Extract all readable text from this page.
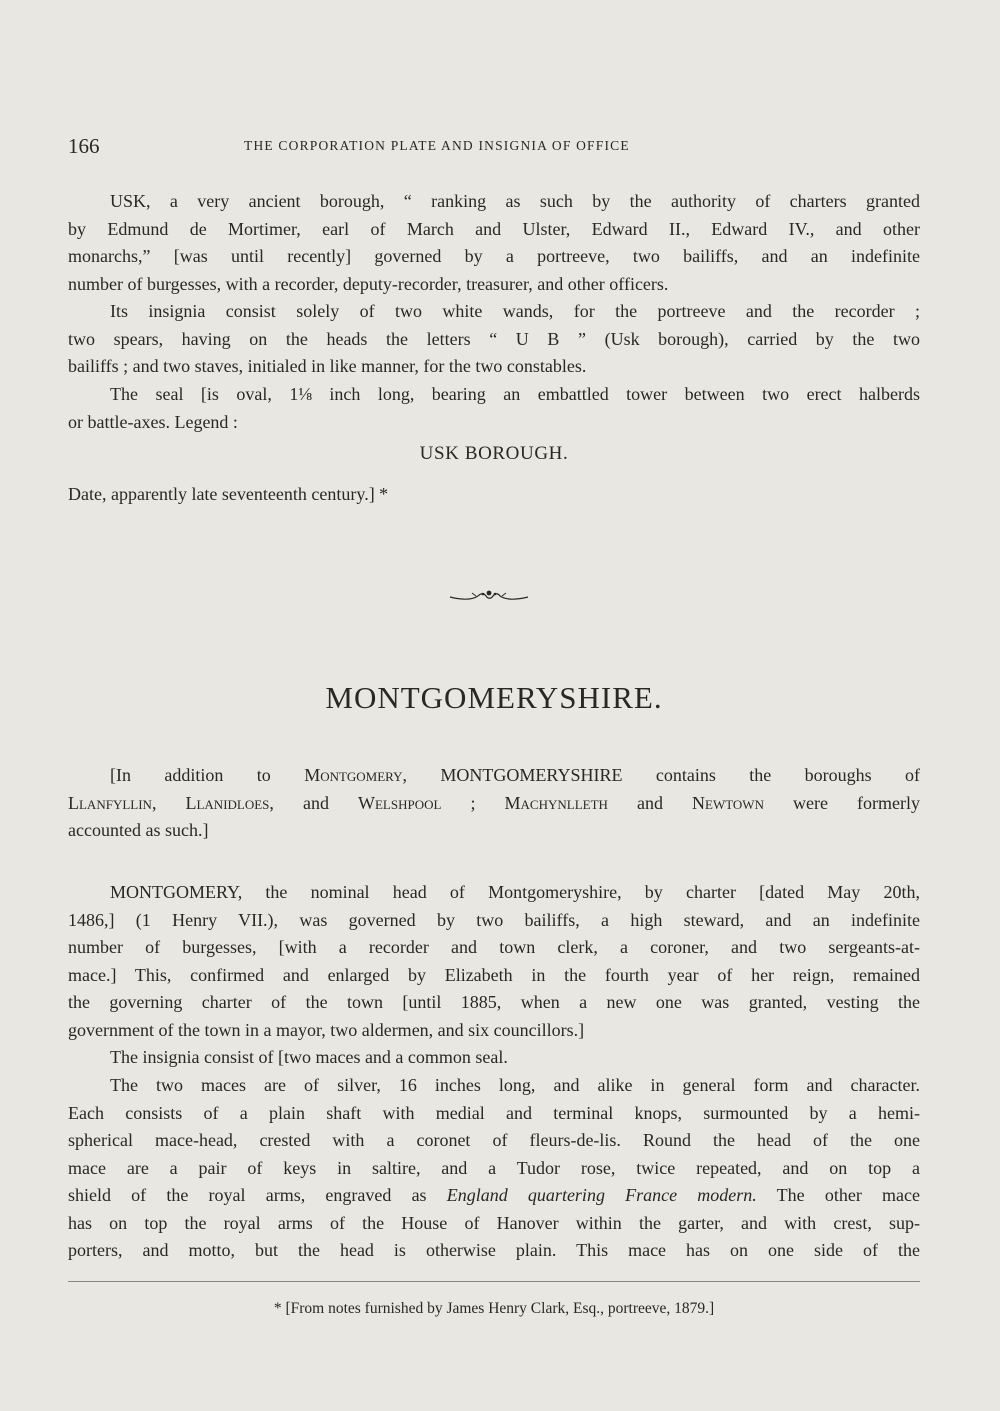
166	THE CORPORATION PLATE AND INSIGNIA OF OFFICE
USK, a very ancient borough, “ ranking as such by the authority of charters granted
by Edmund de Mortimer, earl of March and Ulster, Edward II., Edward IV., and other
monarchs,” [was until recently] governed by a portreeve, two bailiffs, and an indefinite
number of burgesses, with a recorder, deputy-recorder, treasurer, and other officers.
Its insignia consist solely of two white wands, for the portreeve and the recorder ;
two spears, having on the heads the letters “ U B ” (Usk borough), carried by the two
bailiffs ; and two staves, initialed in like manner, for the two constables.
The seal [is oval, 1⅛ inch long, bearing an embattled tower between two erect halberds
or battle-axes. Legend :
USK BOROUGH.
Date, apparently late seventeenth century.] *
MONTGOMERYSHIRE.
[In addition to Montgomery, MONTGOMERYSHIRE contains the boroughs of
Llanfyllin, Llanidloes, and Welshpool ; Machynlleth and Newtown were formerly
accounted as such.]
MONTGOMERY, the nominal head of Montgomeryshire, by charter [dated May 20th,
1486,] (1 Henry VII.), was governed by two bailiffs, a high steward, and an indefinite
number of burgesses, [with a recorder and town clerk, a coroner, and two sergeants-at-
mace.] This, confirmed and enlarged by Elizabeth in the fourth year of her reign, remained
the governing charter of the town [until 1885, when a new one was granted, vesting the
government of the town in a mayor, two aldermen, and six councillors.]
The insignia consist of [two maces and a common seal.
The two maces are of silver, 16 inches long, and alike in general form and character.
Each consists of a plain shaft with medial and terminal knops, surmounted by a hemi-
spherical mace-head, crested with a coronet of fleurs-de-lis. Round the head of the one
mace are a pair of keys in saltire, and a Tudor rose, twice repeated, and on top a
shield of the royal arms, engraved as England quartering France modern. The other mace
has on top the royal arms of the House of Hanover within the garter, and with crest, sup-
porters, and motto, but the head is otherwise plain. This mace has on one side of the
* [From notes furnished by James Henry Clark, Esq., portreeve, 1879.]
